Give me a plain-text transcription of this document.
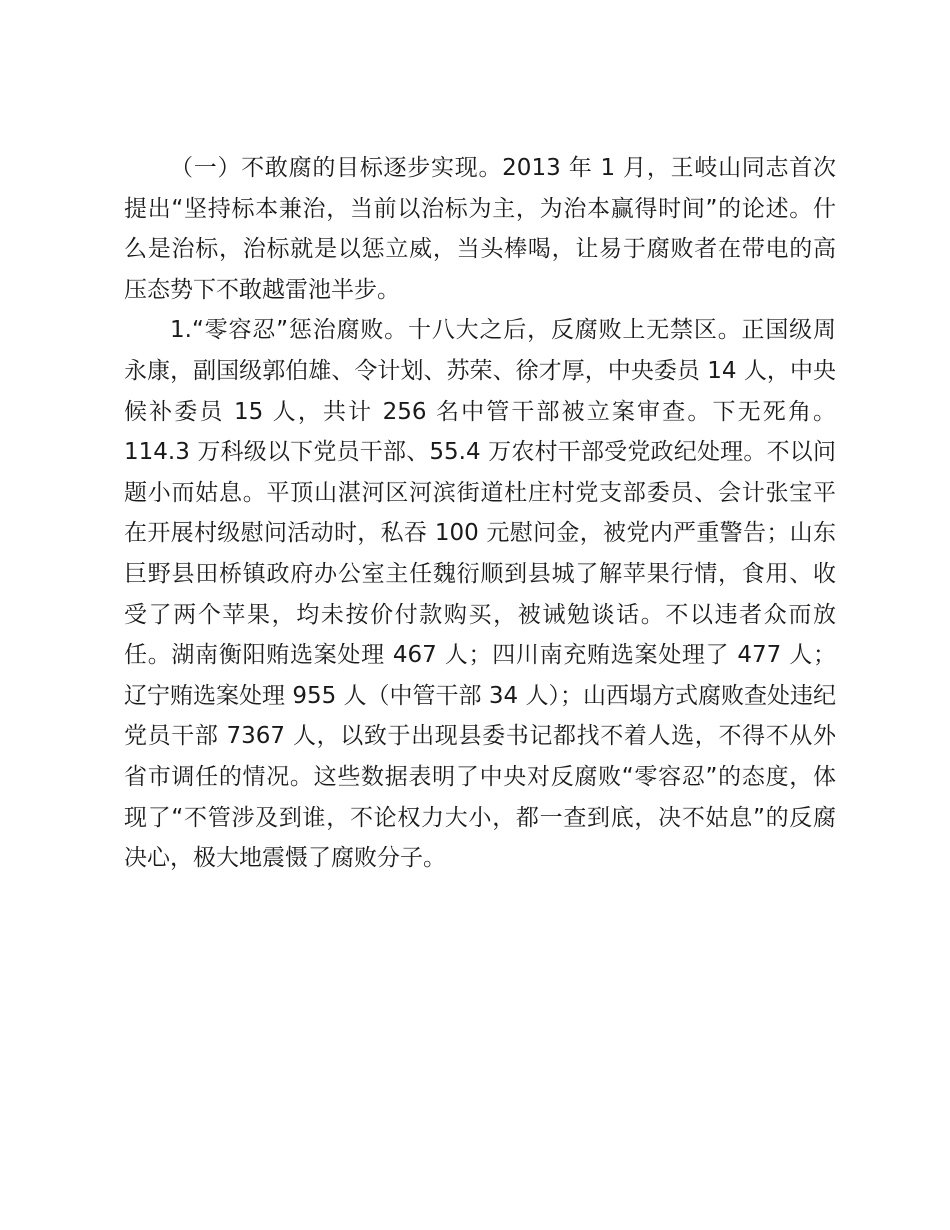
（一）不敢腐的目标逐步实现。2013 年 1 月，王岐山同志首次提出“坚持标本兼治，当前以治标为主，为治本赢得时间”的论述。什么是治标，治标就是以惩立威，当头棒喝，让易于腐败者在带电的高压态势下不敢越雷池半步。

1.“零容忍”惩治腐败。十八大之后，反腐败上无禁区。正国级周永康，副国级郭伯雄、令计划、苏荣、徐才厚，中央委员 14 人，中央候补委员 15 人，共计 256 名中管干部被立案审查。下无死角。114.3 万科级以下党员干部、55.4 万农村干部受党政纪处理。不以问题小而姑息。平顶山湛河区河滨街道杜庄村党支部委员、会计张宝平在开展村级慰问活动时，私吞 100 元慰问金，被党内严重警告；山东巨野县田桥镇政府办公室主任魏衍顺到县城了解苹果行情，食用、收受了两个苹果，均未按价付款购买，被诫勉谈话。不以违者众而放任。湖南衡阳贿选案处理 467 人；四川南充贿选案处理了 477 人；辽宁贿选案处理 955 人（中管干部 34 人）；山西塌方式腐败查处违纪党员干部 7367 人，以致于出现县委书记都找不着人选，不得不从外省市调任的情况。这些数据表明了中央对反腐败“零容忍”的态度，体现了“不管涉及到谁，不论权力大小，都一查到底，决不姑息”的反腐决心，极大地震慑了腐败分子。
